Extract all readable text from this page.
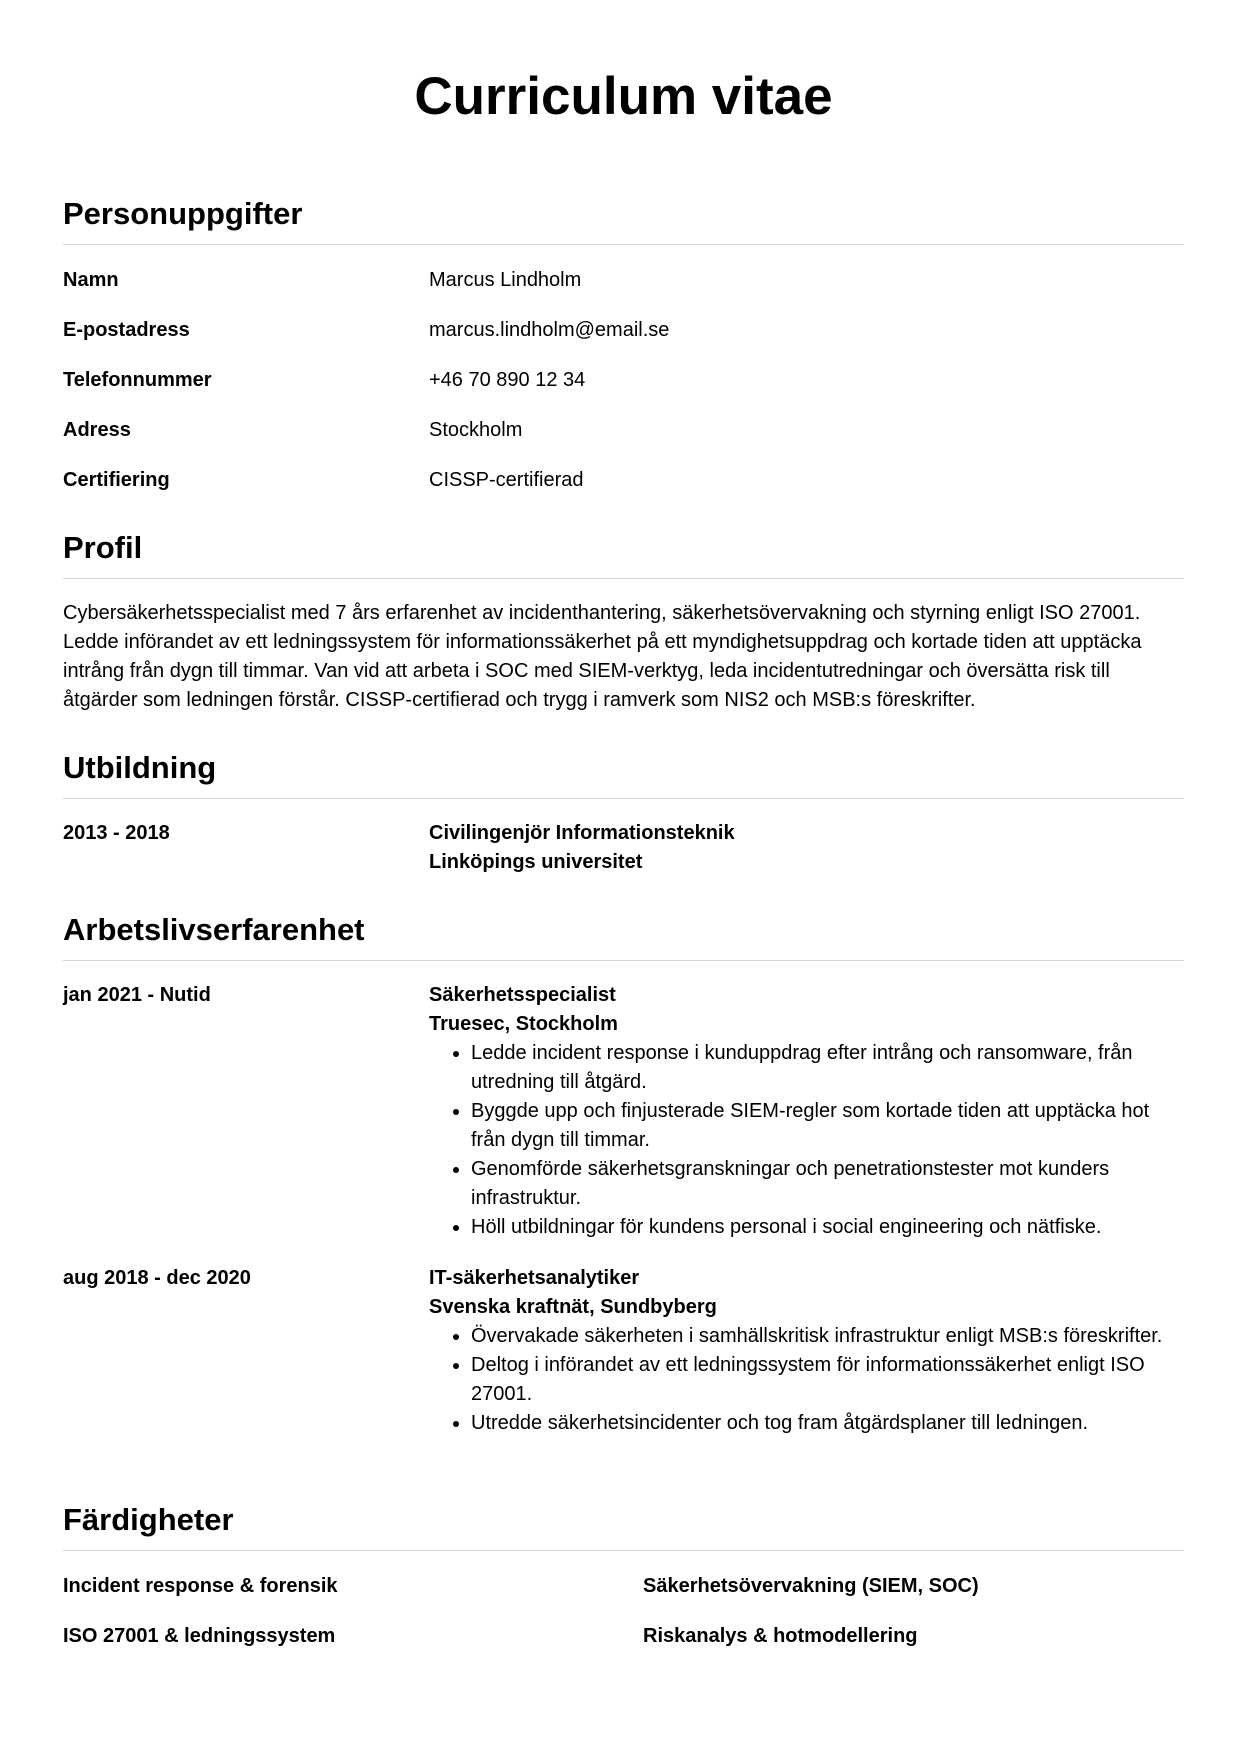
Curriculum vitae
Personuppgifter
Namn	Marcus Lindholm
E-postadress	marcus.lindholm@email.se
Telefonnummer	+46 70 890 12 34
Adress	Stockholm
Certifiering	CISSP-certifierad
Profil

Cybersäkerhetsspecialist med 7 års erfarenhet av incidenthantering, säkerhetsövervakning och styrning enligt ISO 27001. Ledde införandet av ett ledningssystem för informationssäkerhet på ett myndighetsuppdrag och kortade tiden att upptäcka intrång från dygn till timmar. Van vid att arbeta i SOC med SIEM-verktyg, leda incidentutredningar och översätta risk till åtgärder som ledningen förstår. CISSP-certifierad och trygg i ramverk som NIS2 och MSB:s föreskrifter.

Utbildning
2013 - 2018	Civilingenjör Informationsteknik
Linköpings universitet
Arbetslivserfarenhet
jan 2021 - Nutid	Säkerhetsspecialist
Truesec, Stockholm
• Ledde incident response i kunduppdrag efter intrång och ransomware, från utredning till åtgärd.
• Byggde upp och finjusterade SIEM-regler som kortade tiden att upptäcka hot från dygn till timmar.
• Genomförde säkerhetsgranskningar och penetrationstester mot kunders infrastruktur.
• Höll utbildningar för kundens personal i social engineering och nätfiske.
aug 2018 - dec 2020	IT-säkerhetsanalytiker
Svenska kraftnät, Sundbyberg
• Övervakade säkerheten i samhällskritisk infrastruktur enligt MSB:s föreskrifter.
• Deltog i införandet av ett ledningssystem för informationssäkerhet enligt ISO 27001.
• Utredde säkerhetsincidenter och tog fram åtgärdsplaner till ledningen.
Färdigheter
Incident response & forensik	Säkerhetsövervakning (SIEM, SOC)
ISO 27001 & ledningssystem	Riskanalys & hotmodellering
